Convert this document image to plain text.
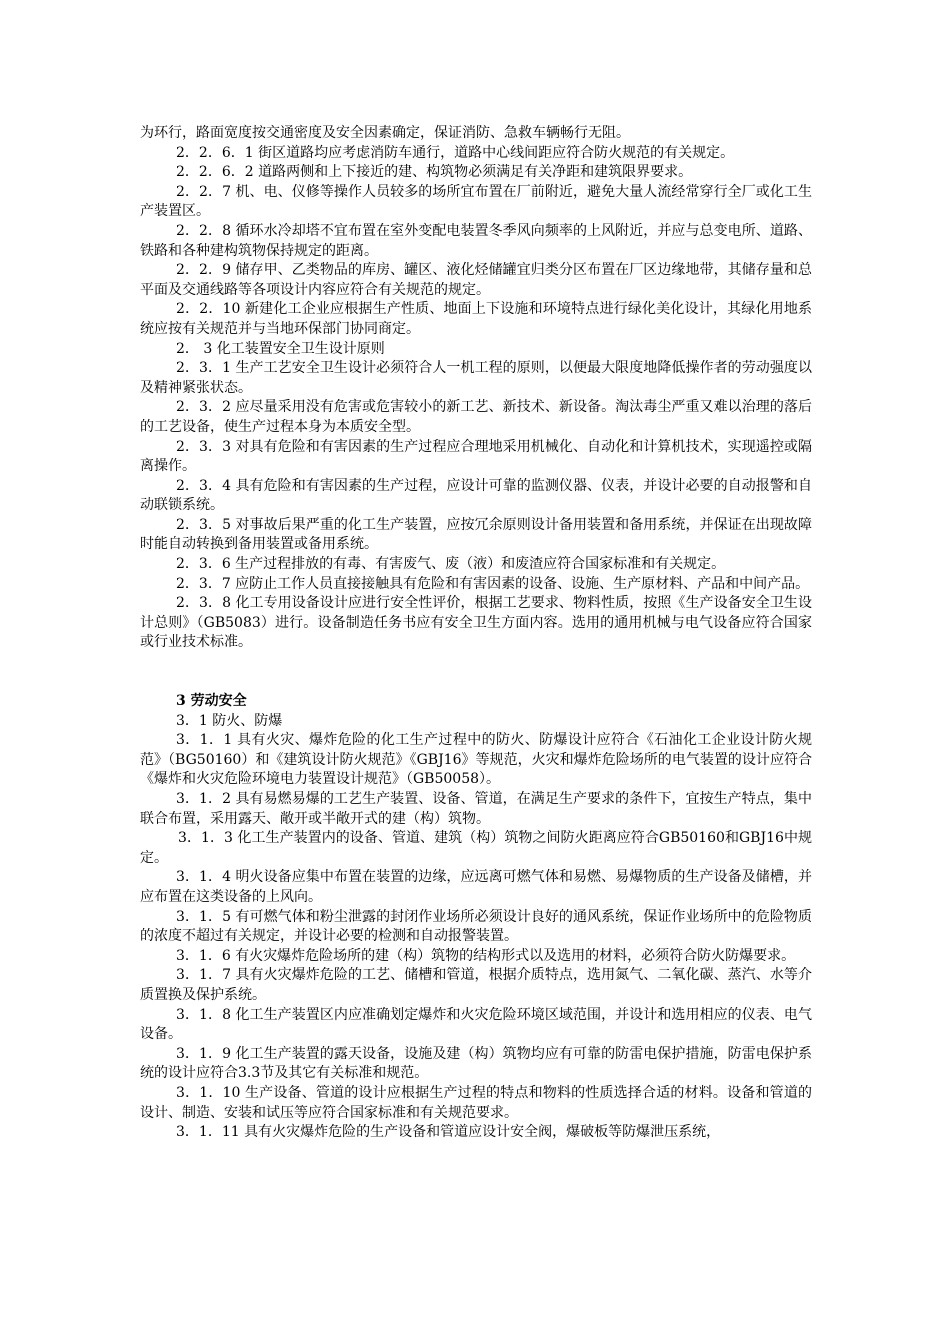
为环行，路面宽度按交通密度及安全因素确定，保证消防、急救车辆畅行无阻。

2．2．6．1 街区道路均应考虑消防车通行，道路中心线间距应符合防火规范的有关规定。

2．2．6．2 道路两侧和上下接近的建、构筑物必须满足有关净距和建筑限界要求。

2．2．7 机、电、仪修等操作人员较多的场所宜布置在厂前附近，避免大量人流经常穿行全厂或化工生产装置区。

2．2．8 循环水冷却塔不宜布置在室外变配电装置冬季风向频率的上风附近，并应与总变电所、道路、铁路和各种建构筑物保持规定的距离。

2．2．9 储存甲、乙类物品的库房、罐区、液化烃储罐宜归类分区布置在厂区边缘地带，其储存量和总平面及交通线路等各项设计内容应符合有关规范的规定。

2．2．10 新建化工企业应根据生产性质、地面上下设施和环境特点进行绿化美化设计，其绿化用地系统应按有关规范并与当地环保部门协同商定。

2． 3 化工装置安全卫生设计原则

2．3．1 生产工艺安全卫生设计必须符合人一机工程的原则，以便最大限度地降低操作者的劳动强度以及精神紧张状态。

2．3．2 应尽量采用没有危害或危害较小的新工艺、新技术、新设备。淘汰毒尘严重又难以治理的落后的工艺设备，使生产过程本身为本质安全型。

2．3．3 对具有危险和有害因素的生产过程应合理地采用机械化、自动化和计算机技术，实现遥控或隔离操作。

2．3．4 具有危险和有害因素的生产过程，应设计可靠的监测仪器、仪表，并设计必要的自动报警和自动联锁系统。

2．3．5 对事故后果严重的化工生产装置，应按冗余原则设计备用装置和备用系统，并保证在出现故障时能自动转换到备用装置或备用系统。

2．3．6 生产过程排放的有毒、有害废气、废（液）和废渣应符合国家标准和有关规定。

2．3．7 应防止工作人员直接接触具有危险和有害因素的设备、设施、生产原材料、产品和中间产品。

2．3．8 化工专用设备设计应进行安全性评价，根据工艺要求、物料性质，按照《生产设备安全卫生设计总则》（GB5083）进行。设备制造任务书应有安全卫生方面内容。选用的通用机械与电气设备应符合国家或行业技术标准。

3 劳动安全

3．1 防火、防爆

3．1．1 具有火灾、爆炸危险的化工生产过程中的防火、防爆设计应符合《石油化工企业设计防火规范》（BG50160）和《建筑设计防火规范》《GBJ16》等规范，火灾和爆炸危险场所的电气装置的设计应符合《爆炸和火灾危险环境电力装置设计规范》（GB50058）。

3．1．2 具有易燃易爆的工艺生产装置、设备、管道，在满足生产要求的条件下，宜按生产特点，集中联合布置，采用露天、敞开或半敞开式的建（构）筑物。

3．1．3 化工生产装置内的设备、管道、建筑（构）筑物之间防火距离应符合GB50160和GBJ16中规定。

3．1．4 明火设备应集中布置在装置的边缘，应远离可燃气体和易燃、易爆物质的生产设备及储槽，并应布置在这类设备的上风向。

3．1．5 有可燃气体和粉尘泄露的封闭作业场所必须设计良好的通风系统，保证作业场所中的危险物质的浓度不超过有关规定，并设计必要的检测和自动报警装置。

3．1．6 有火灾爆炸危险场所的建（构）筑物的结构形式以及选用的材料，必须符合防火防爆要求。

3．1．7 具有火灾爆炸危险的工艺、储槽和管道，根据介质特点，选用氮气、二氧化碳、蒸汽、水等介质置换及保护系统。

3．1．8 化工生产装置区内应准确划定爆炸和火灾危险环境区域范围，并设计和选用相应的仪表、电气设备。

3．1．9 化工生产装置的露天设备，设施及建（构）筑物均应有可靠的防雷电保护措施，防雷电保护系统的设计应符合3.3节及其它有关标准和规范。

3．1．10 生产设备、管道的设计应根据生产过程的特点和物料的性质选择合适的材料。设备和管道的设计、制造、安装和试压等应符合国家标准和有关规范要求。

3．1．11 具有火灾爆炸危险的生产设备和管道应设计安全阀，爆破板等防爆泄压系统，
